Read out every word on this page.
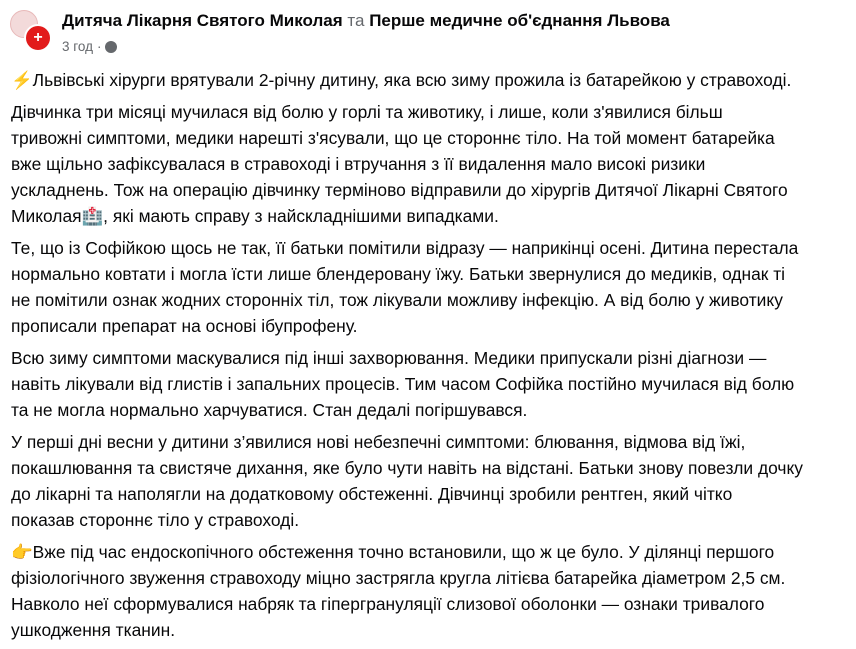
+
Дитяча Лікарня Святого Миколая та Перше медичне об'єднання Львова
3 год ·
⚡Львівські хірурги врятували 2-річну дитину, яка всю зиму прожила із батарейкою у стравоході.
Дівчинка три місяці мучилася від болю у горлі та животику, і лише, коли з'явилися більш
тривожні симптоми, медики нарешті з'ясували, що це стороннє тіло. На той момент батарейка
вже щільно зафіксувалася в стравоході і втручання з її видалення мало високі ризики
ускладнень. Тож на операцію дівчинку терміново відправили до хірургів Дитячої Лікарні Святого
Миколая🏥, які мають справу з найскладнішими випадками.
Те, що із Софійкою щось не так, її батьки помітили відразу — наприкінці осені. Дитина перестала
нормально ковтати і могла їсти лише блендеровану їжу. Батьки звернулися до медиків, однак ті
не помітили ознак жодних сторонніх тіл, тож лікували можливу інфекцію. А від болю у животику
прописали препарат на основі ібупрофену.
Всю зиму симптоми маскувалися під інші захворювання. Медики припускали різні діагнози —
навіть лікували від глистів і запальних процесів. Тим часом Софійка постійно мучилася від болю
та не могла нормально харчуватися. Стан дедалі погіршувався.
У перші дні весни у дитини з’явилися нові небезпечні симптоми: блювання, відмова від їжі,
покашлювання та свистяче дихання, яке було чути навіть на відстані. Батьки знову повезли дочку
до лікарні та наполягли на додатковому обстеженні. Дівчинці зробили рентген, який чітко
показав стороннє тіло у стравоході.
👉Вже під час ендоскопічного обстеження точно встановили, що ж це було. У ділянці першого
фізіологічного звуження стравоходу міцно застрягла кругла літієва батарейка діаметром 2,5 см.
Навколо неї сформувалися набряк та гіпергрануляції слизової оболонки — ознаки тривалого
ушкодження тканин.
